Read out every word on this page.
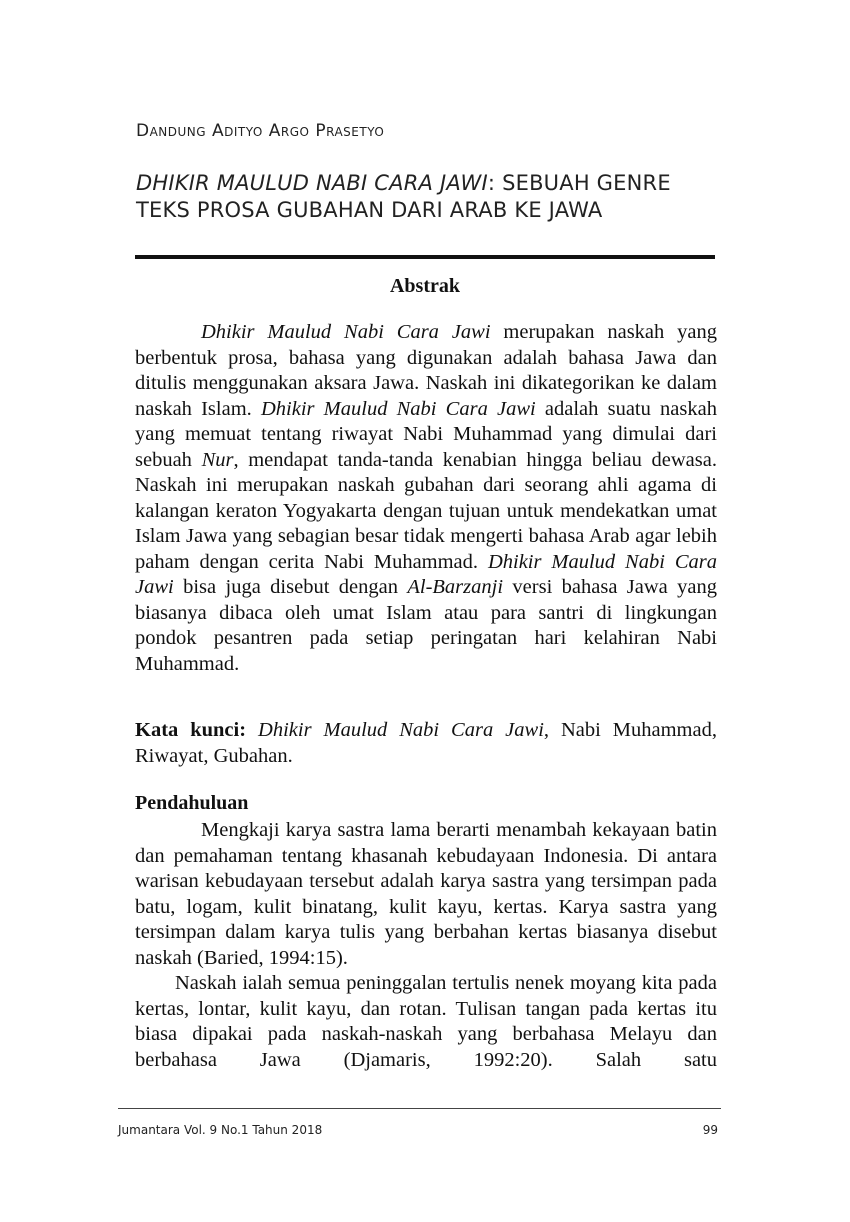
Dandung Adityo Argo Prasetyo
DHIKIR MAULUD NABI CARA JAWI: SEBUAH GENRE
TEKS PROSA GUBAHAN DARI ARAB KE JAWA
Abstrak

Dhikir Maulud Nabi Cara Jawi merupakan naskah yang berbentuk prosa, bahasa yang digunakan adalah bahasa Jawa dan ditulis menggunakan aksara Jawa. Naskah ini dikategorikan ke dalam naskah Islam. Dhikir Maulud Nabi Cara Jawi adalah suatu naskah yang memuat tentang riwayat Nabi Muhammad yang dimulai dari sebuah Nur, mendapat tanda-tanda kenabian hingga beliau dewasa. Naskah ini merupakan naskah gubahan dari seorang ahli agama di kalangan keraton Yogyakarta dengan tujuan untuk mendekatkan umat Islam Jawa yang sebagian besar tidak mengerti bahasa Arab agar lebih paham dengan cerita Nabi Muhammad. Dhikir Maulud Nabi Cara Jawi bisa juga disebut dengan Al-Barzanji versi bahasa Jawa yang biasanya dibaca oleh umat Islam atau para santri di lingkungan pondok pesantren pada setiap peringatan hari kelahiran Nabi

Muhammad.

Kata kunci: Dhikir Maulud Nabi Cara Jawi, Nabi Muhammad, Riwayat, Gubahan.
Pendahuluan

Mengkaji karya sastra lama berarti menambah kekayaan batin dan pemahaman tentang khasanah kebudayaan Indonesia. Di antara warisan kebudayaan tersebut adalah karya sastra yang tersimpan pada batu, logam, kulit binatang, kulit kayu, kertas. Karya sastra yang tersimpan dalam karya tulis yang berbahan kertas biasanya disebut naskah (Baried, 1994:15).

Naskah ialah semua peninggalan tertulis nenek moyang kita pada kertas, lontar, kulit kayu, dan rotan. Tulisan tangan pada kertas itu biasa dipakai pada naskah-naskah yang berbahasa Melayu dan berbahasa Jawa (Djamaris, 1992:20). Salah satu

Jumantara Vol. 9 No.1 Tahun 2018	99
